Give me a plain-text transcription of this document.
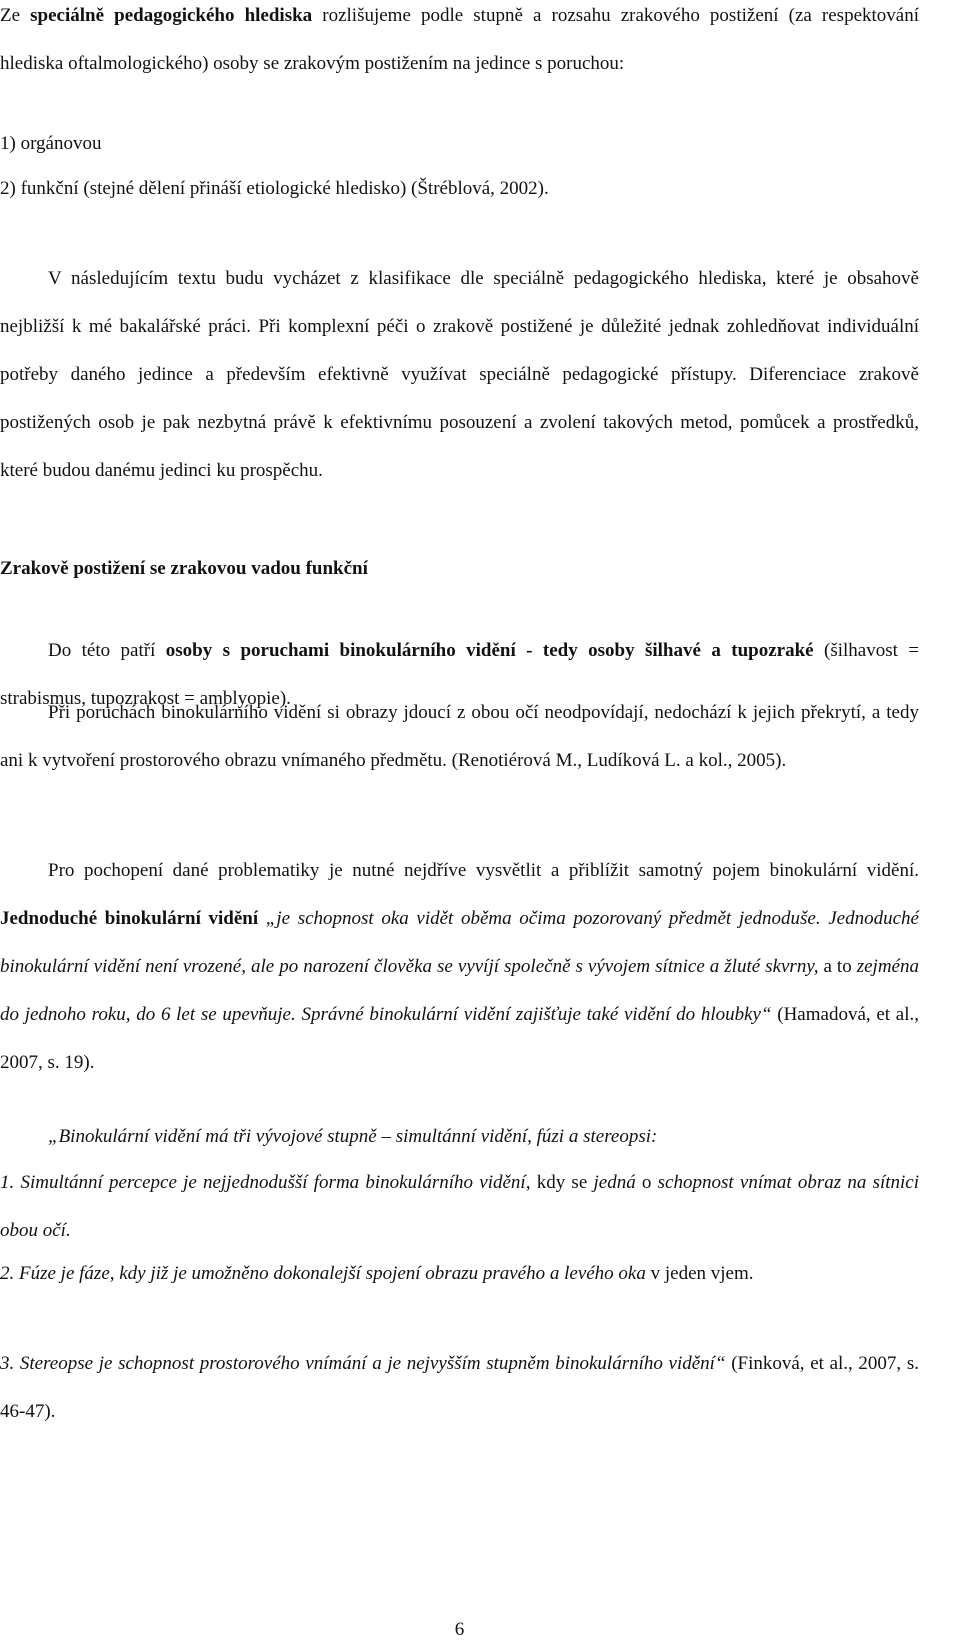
Ze speciálně pedagogického hlediska rozlišujeme podle stupně a rozsahu zrakového postižení (za respektování hlediska oftalmologického) osoby se zrakovým postižením na jedince s poruchou:

1) orgánovou

2) funkční (stejné dělení přináší etiologické hledisko) (Štréblová, 2002).

V následujícím textu budu vycházet z klasifikace dle speciálně pedagogického hlediska, které je obsahově nejbližší k mé bakalářské práci. Při komplexní péči o zrakově postižené je důležité jednak zohledňovat individuální potřeby daného jedince a především efektivně využívat speciálně pedagogické přístupy. Diferenciace zrakově postižených osob je pak nezbytná právě k efektivnímu posouzení a zvolení takových metod, pomůcek a prostředků, které budou danému jedinci ku prospěchu.

Zrakově postižení se zrakovou vadou funkční

Do této patří osoby s poruchami binokulárního vidění - tedy osoby šilhavé a tupozraké (šilhavost = strabismus, tupozrakost = amblyopie).

Při poruchách binokulárního vidění si obrazy jdoucí z obou očí neodpovídají, nedochází k jejich překrytí, a tedy ani k vytvoření prostorového obrazu vnímaného předmětu. (Renotiérová M., Ludíková L. a kol., 2005).

Pro pochopení dané problematiky je nutné nejdříve vysvětlit a přiblížit samotný pojem binokulární vidění. Jednoduché binokulární vidění „je schopnost oka vidět oběma očima pozorovaný předmět jednoduše. Jednoduché binokulární vidění není vrozené, ale po narození člověka se vyvíjí společně s vývojem sítnice a žluté skvrny, a to zejména do jednoho roku, do 6 let se upevňuje. Správné binokulární vidění zajišťuje také vidění do hloubky“ (Hamadová, et al., 2007, s. 19).

„Binokulární vidění má tři vývojové stupně – simultánní vidění, fúzi a stereopsi:

1. Simultánní percepce je nejjednodušší forma binokulárního vidění, kdy se jedná o schopnost vnímat obraz na sítnici obou očí.

2. Fúze je fáze, kdy již je umožněno dokonalejší spojení obrazu pravého a levého oka v jeden vjem.

3. Stereopse je schopnost prostorového vnímání a je nejvyšším stupněm binokulárního vidění“ (Finková, et al., 2007, s. 46-47).

6
